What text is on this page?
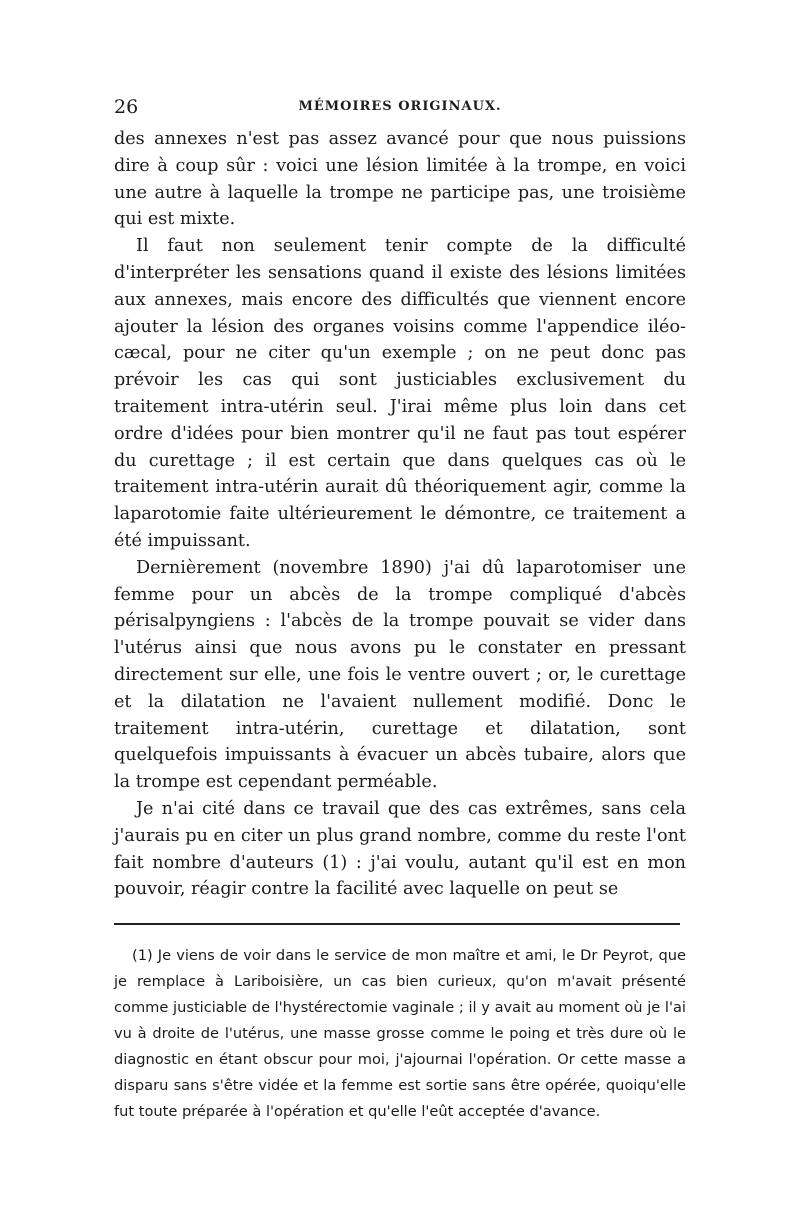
26	MÉMOIRES ORIGINAUX.

des annexes n'est pas assez avancé pour que nous puissions dire à coup sûr : voici une lésion limitée à la trompe, en voici une autre à laquelle la trompe ne participe pas, une troisième qui est mixte.

Il faut non seulement tenir compte de la difficulté d'interpréter les sensations quand il existe des lésions limitées aux annexes, mais encore des difficultés que viennent encore ajouter la lésion des organes voisins comme l'appendice iléo-cæcal, pour ne citer qu'un exemple ; on ne peut donc pas prévoir les cas qui sont justiciables exclusivement du traitement intra-utérin seul. J'irai même plus loin dans cet ordre d'idées pour bien montrer qu'il ne faut pas tout espérer du curettage ; il est certain que dans quelques cas où le traitement intra-utérin aurait dû théoriquement agir, comme la laparotomie faite ultérieurement le démontre, ce traitement a été impuissant.

Dernièrement (novembre 1890) j'ai dû laparotomiser une femme pour un abcès de la trompe compliqué d'abcès périsalpyngiens : l'abcès de la trompe pouvait se vider dans l'utérus ainsi que nous avons pu le constater en pressant directement sur elle, une fois le ventre ouvert ; or, le curettage et la dilatation ne l'avaient nullement modifié. Donc le traitement intra-utérin, curettage et dilatation, sont quelquefois impuissants à évacuer un abcès tubaire, alors que la trompe est cependant perméable.

Je n'ai cité dans ce travail que des cas extrêmes, sans cela j'aurais pu en citer un plus grand nombre, comme du reste l'ont fait nombre d'auteurs (1) : j'ai voulu, autant qu'il est en mon pouvoir, réagir contre la facilité avec laquelle on peut se

(1) Je viens de voir dans le service de mon maître et ami, le Dr Peyrot, que je remplace à Lariboisière, un cas bien curieux, qu'on m'avait présenté comme justiciable de l'hystérectomie vaginale ; il y avait au moment où je l'ai vu à droite de l'utérus, une masse grosse comme le poing et très dure où le diagnostic en étant obscur pour moi, j'ajournai l'opération. Or cette masse a disparu sans s'être vidée et la femme est sortie sans être opérée, quoiqu'elle fut toute préparée à l'opération et qu'elle l'eût acceptée d'avance.
